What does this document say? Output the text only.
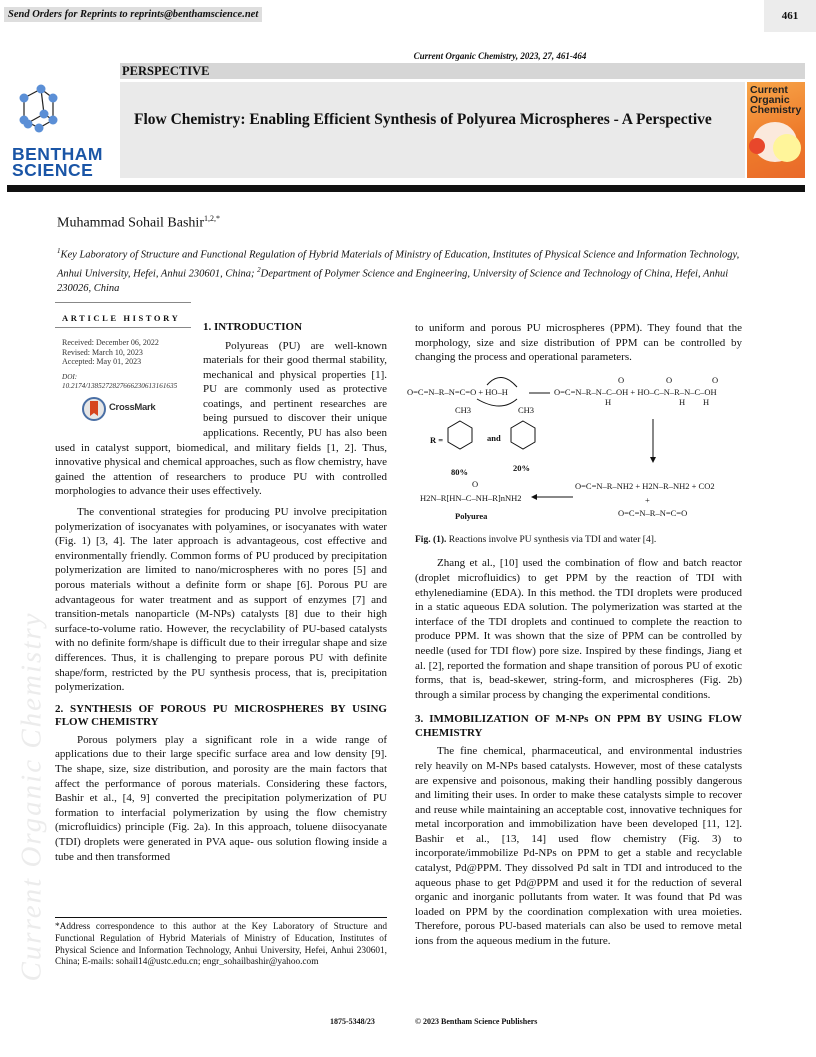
Current Organic Chemistry
Send Orders for Reprints to reprints@benthamscience.net	461
Current Organic Chemistry, 2023, 27, 461-464
BENTHAM SCIENCE
PERSPECTIVE
Flow Chemistry: Enabling Efficient Synthesis of Polyurea Microspheres - A Perspective
Current Organic Chemistry
Muhammad Sohail Bashir$^{1,2,*}$
$^1$Key Laboratory of Structure and Functional Regulation of Hybrid Materials of Ministry of Education, Institutes of Physical Science and Information Technology, Anhui University, Hefei, Anhui 230601, China; $^2$Department of Polymer Science and Engineering, University of Science and Technology of China, Hefei, Anhui 230026, China
ARTICLE HISTORY
Received: December 06, 2022
Revised: March 10, 2023
Accepted: May 01, 2023
DOI:
10.2174/1385272827666230613161635
CrossMark
1. INTRODUCTION

Polyureas (PU) are well-known materials for their good thermal stability, mechanical and physical properties [1]. PU are commonly used as protective coatings, and pertinent researches are being pursued to discover their unique applications. Recently, PU has also been used in catalyst support, biomedical, and military fields [1, 2]. Thus, innovative physical and chemical approaches, such as flow chemistry, have gained the attention of researchers to produce PU with controlled morphologies to advance their uses effectively.

The conventional strategies for producing PU involve precipitation polymerization of isocyanates with polyamines, or isocyanates with water (Fig. 1) [3, 4]. The later approach is advantageous, cost effective and environmentally friendly. Common forms of PU produced by precipitation polymerization are limited to nano/microspheres with no pores [5] and porous materials without a definite form or shape [6]. Porous PU are advantageous for water treatment and as support of enzymes [7] and transition-metals nanoparticle (M-NPs) catalysts [8] due to their high surface-to-volume ratio. However, the recyclability of PU-based catalysts with no definite form/shape is difficult due to their irregular shape and size differences. Thus, it is challenging to prepare porous PU with definite shape/form, restricted by the PU synthesis process, that is, precipitation polymerization.

2. SYNTHESIS OF POROUS PU MICROSPHERES BY USING FLOW CHEMISTRY

Porous polymers play a significant role in a wide range of applications due to their large specific surface area and low density [9]. The shape, size, size distribution, and porosity are the main factors that affect the performance of porous materials. Considering these factors, Bashir et al., [4, 9] converted the precipitation polymerization of PU formation to interfacial polymerization by using the flow chemistry (microfluidics) principle (Fig. 2a). In this approach, toluene diisocyanate (TDI) droplets were generated in PVA aque- ous solution flowing inside a tube and then transformed

to uniform and porous PU microspheres (PPM). They found that the morphology, size and size distribution of PPM can be controlled by changing the process and operational parameters.

O=C=N–R–N=C=O + HO–H	O=C=N–R–N–C–OH + HO–C–N–R–N–C–OH
O	O	O
H	H H
CH3	CH3
R =	and
80%	20%
O=C=N–R–NH2 + H2N–R–NH2 + CO2
+
O=C=N–R–N=C=O
O
H2N–R[HN–C–NH–R]nNH2
Polyurea

Fig. (1). Reactions involve PU synthesis via TDI and water [4].

Zhang et al., [10] used the combination of flow and batch reactor (droplet microfluidics) to get PPM by the reaction of TDI with ethylenediamine (EDA). In this method. the TDI droplets were produced in a static aqueous EDA solution. The polymerization was started at the interface of the TDI droplets and continued to complete the reaction to produce PPM. It was shown that the size of PPM can be controlled by needle (used for TDI flow) pore size. Inspired by these findings, Jiang et al. [2], reported the formation and shape transition of porous PU of exotic forms, that is, bead-skewer, string-form, and microspheres (Fig. 2b) through a similar process by changing the experimental conditions.

3. IMMOBILIZATION OF M-NPs ON PPM BY USING FLOW CHEMISTRY

The fine chemical, pharmaceutical, and environmental industries rely heavily on M-NPs based catalysts. However, most of these catalysts are expensive and poisonous, making their handling possibly dangerous and limiting their uses. In order to make these catalysts simple to recover and reuse while maintaining an acceptable cost, innovative techniques for metal incorporation and immobilization have been developed [11, 12]. Bashir et al., [13, 14] used flow chemistry (Fig. 3) to incorporate/immobilize Pd-NPs on PPM to get a stable and recyclable catalyst, Pd@PPM. They dissolved Pd salt in TDI and introduced to the aqueous phase to get Pd@PPM and used it for the reduction of several organic and inorganic pollutants from water. It was found that Pd was loaded on PPM by the coordination complexation with urea moieties. Therefore, porous PU-based materials can also be used to remove metal ions from the aqueous medium in the future.

*Address correspondence to this author at the Key Laboratory of Structure and Functional Regulation of Hybrid Materials of Ministry of Education, Institutes of Physical Science and Information Technology, Anhui University, Hefei, Anhui 230601, China; E-mails: sohail14@ustc.edu.cn; engr_sohailbashir@yahoo.com
1875-5348/23	© 2023 Bentham Science Publishers
